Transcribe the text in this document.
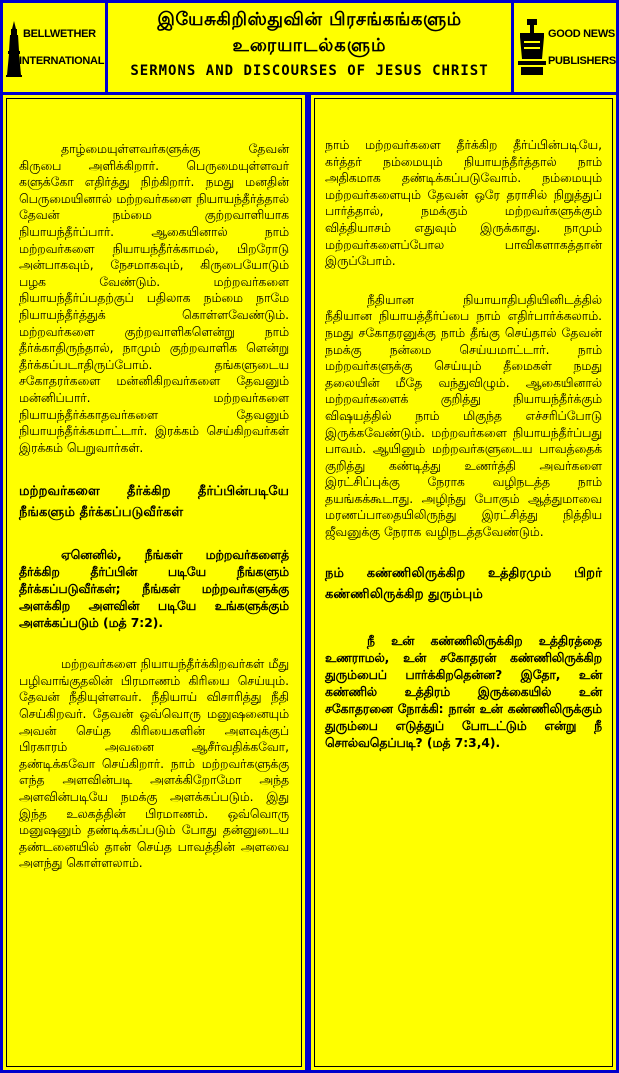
BELLWETHER
INTERNATIONAL
இயேசுகிறிஸ்துவின் பிரசங்கங்களும்
உரையாடல்களும்
SERMONS AND DISCOURSES OF JESUS CHRIST
GOOD NEWS
PUBLISHERS

தாழ்மையுள்ளவர்களுக்கு தேவன் கிருபை அளிக்கிறார். பெருமையுள்ளவர் களுக்கோ எதிர்த்து நிற்கிறார். நமது மனதின் பெருமையினால் மற்றவர்களை நியாயந்தீர்த்தால் தேவன் நம்மை குற்றவாளியாக நியாயந்தீர்ப்பார். ஆகையினால் நாம் மற்றவர்களை நியாயந்தீர்க்காமல், பிறரோடு அன்பாகவும், நேசமாகவும், கிருபையோடும் பழக வேண்டும். மற்றவர்களை நியாயந்தீர்ப்பதற்குப் பதிலாக நம்மை நாமே நியாயந்தீர்த்துக் கொள்ளவேண்டும். மற்றவர்களை குற்றவாளிகளென்று நாம் தீர்க்காதிருந்தால், நாமும் குற்றவாளிக ளென்று தீர்க்கப்படாதிருப்போம். தங்களுடைய சகோதரர்களை மன்னிகிறவர்களை தேவனும் மன்னிப்பார். மற்றவர்களை நியாயந்தீர்க்காதவர்களை தேவனும் நியாயந்தீர்க்கமாட்டார். இரக்கம் செய்கிறவர்கள் இரக்கம் பெறுவார்கள்.

மற்றவர்களை தீர்க்கிற தீர்ப்பின்படியே நீங்களும் தீர்க்கப்படுவீர்கள்

ஏனெனில், நீங்கள் மற்றவர்களைத் தீர்க்கிற தீர்ப்பின் படியே நீங்களும் தீர்க்கப்படுவீர்கள்; நீங்கள் மற்றவர்களுக்கு அளக்கிற அளவின் படியே உங்களுக்கும் அளக்கப்படும் (மத் 7:2).

மற்றவர்களை நியாயந்தீர்க்கிறவர்கள் மீது பழிவாங்குதலின் பிரமாணம் கிரியை செய்யும். தேவன் நீதியுள்ளவர். நீதியாய் விசாரித்து நீதி செய்கிறவர். தேவன் ஒவ்வொரு மனுஷனையும் அவன் செய்த கிரியைகளின் அளவுக்குப் பிரகாரம் அவனை ஆசீர்வதிக்கவோ, தண்டிக்கவோ செய்கிறார். நாம் மற்றவர்களுக்கு எந்த அளவின்படி அளக்கிறோமோ அந்த அளவின்படியே நமக்கு அளக்கப்படும். இது இந்த உலகத்தின் பிரமாணம். ஒவ்வொரு மனுஷனும் தண்டிக்கப்படும் போது தன்னுடைய தண்டனையில் தான் செய்த பாவத்தின் அளவை அளந்து கொள்ளலாம்.

நாம் மற்றவர்களை தீர்க்கிற தீர்ப்பின்படியே, கர்த்தர் நம்மையும் நியாயந்தீர்த்தால் நாம் அதிகமாக தண்டிக்கப்படுவோம். நம்மையும் மற்றவர்களையும் தேவன் ஒரே தராசில் நிறுத்துப் பார்த்தால், நமக்கும் மற்றவர்களுக்கும் வித்தியாசம் எதுவும் இருக்காது. நாமும் மற்றவர்களைப்போல பாவிகளாகத்தான் இருப்போம்.

நீதியான நியாயாதிபதியினிடத்தில் நீதியான நியாயத்தீர்ப்பை நாம் எதிர்பார்க்கலாம். நமது சகோதரனுக்கு நாம் தீங்கு செய்தால் தேவன் நமக்கு நன்மை செய்யமாட்டார். நாம் மற்றவர்களுக்கு செய்யும் தீமைகள் நமது தலையின் மீதே வந்துவிழும். ஆகையினால் மற்றவர்களைக் குறித்து நியாயந்தீர்க்கும் விஷயத்தில் நாம் மிகுந்த எச்சரிப்போடு இருக்கவேண்டும். மற்றவர்களை நியாயந்தீர்ப்பது பாவம். ஆயினும் மற்றவர்களுடைய பாவத்தைக் குறித்து கண்டித்து உணர்த்தி அவர்களை இரட்சிப்புக்கு நேராக வழிநடத்த நாம் தயங்கக்கூடாது. அழிந்து போகும் ஆத்துமாவை மரணப்பாதையிலிருந்து இரட்சித்து நித்திய ஜீவனுக்கு நேராக வழிநடத்தவேண்டும்.

நம் கண்ணிலிருக்கிற உத்திரமும் பிறர் கண்ணிலிருக்கிற துரும்பும்

நீ உன் கண்ணிலிருக்கிற உத்திரத்தை உணராமல், உன் சகோதரன் கண்ணிலிருக்கிற துரும்பைப் பார்க்கிறதென்ன? இதோ, உன் கண்ணில் உத்திரம் இருக்கையில் உன் சகோதரனை நோக்கி: நான் உன் கண்ணிலிருக்கும் துரும்பை எடுத்துப் போடட்டும் என்று நீ சொல்வதெப்படி? (மத் 7:3,4).
